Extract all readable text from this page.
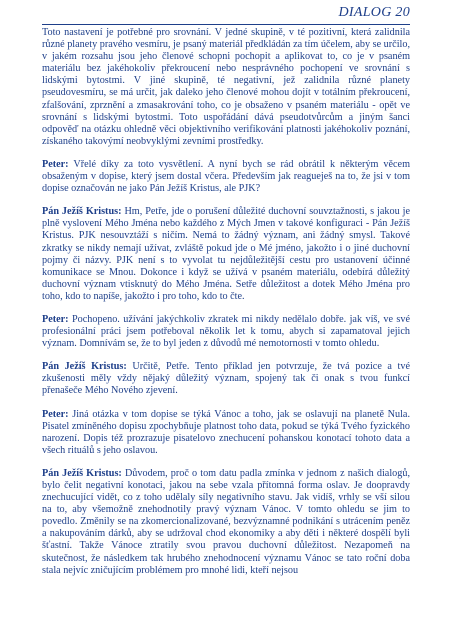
DIALOG 20

Toto nastavení je potřebné pro srovnání. V jedné skupině, v té pozitivní, která zalidnila různé planety pravého vesmíru, je psaný materiál předkládán za tím účelem, aby se určilo, v jakém rozsahu jsou jeho členové schopni pochopit a aplikovat to, co je v psaném materiálu bez jakéhokoliv překroucení nebo nesprávného pochopení ve srovnání s lidskými bytostmi. V jiné skupině, té negativní, jež zalidnila různé planety pseudovesmíru, se má určit, jak daleko jeho členové mohou dojít v totálním překroucení, zfalšování, zprznění a zmasakrování toho, co je obsaženo v psaném materiálu - opět ve srovnání s lidskými bytostmi. Toto uspořádání dává pseudotvůrcům a jiným šanci odpověď na otázku ohledně věci objektivního verifikování platnosti jakéhokoliv poznání, získaného takovýmí neobvyklými zevními prostředky.

Peter: Vřelé díky za toto vysvětlení. A nyní bych se rád obrátil k některým věcem obsaženým v dopise, který jsem dostal včera. Především jak reagueješ na to, že jsi v tom dopise označován ne jako Pán Ježíš Kristus, ale PJK?

Pán Ježíš Kristus: Hm, Petře, jde o porušení důležité duchovní souvztažnosti, s jakou je plně vyslovení Mého Jména nebo každého z Mých Jmen v takové konfiguraci - Pán Ježíš Kristus. PJK nesouvztáží s ničím. Nemá to žádný význam, ani žádný smysl. Takové zkratky se nikdy nemají užívat, zvláště pokud jde o Mé jméno, jakožto i o jiné duchovní pojmy či názvy. PJK není s to vyvolat tu nejdůležitější cestu pro ustanovení účinné komunikace se Mnou. Dokonce i když se užívá v psaném materiálu, odebírá důležitý duchovní význam vtisknutý do Mého Jména. Setře důležitost a dotek Mého Jména pro toho, kdo to napíše, jakožto i pro toho, kdo to čte.

Peter: Pochopeno. užívání jakýchkoliv zkratek mi nikdy nedělalo dobře. jak víš, ve své profesionální práci jsem potřeboval několik let k tomu, abych si zapamatoval jejich význam. Domnívám se, že to byl jeden z důvodů mé nemotornosti v tomto ohledu.

Pán Ježíš Kristus: Určitě, Petře. Tento příklad jen potvrzuje, že tvá pozice a tvé zkušenosti měly vždy nějaký důležitý význam, spojený tak či onak s tvou funkcí přenašeče Mého Nového zjevení.

Peter: Jiná otázka v tom dopise se týká Vánoc a toho, jak se oslavují na planetě Nula. Pisatel zmíněného dopisu zpochybňuje platnost toho data, pokud se týká Tvého fyzického narození. Dopis též prozrazuje pisatelovo znechucení pohanskou konotací tohoto data a všech rituálů s jeho oslavou.

Pán Ježíš Kristus: Důvodem, proč o tom datu padla zmínka v jednom z našich dialogů, bylo čelit negativní konotaci, jakou na sebe vzala přítomná forma oslav. Je doopravdy znechucující vidět, co z toho udělaly síly negativního stavu. Jak vidíš, vrhly se vší silou na to, aby všemožně znehodnotily pravý význam Vánoc. V tomto ohledu se jim to povedlo. Změnily se na zkomercionalizované, bezvýznamné podnikání s utrácením peněz a nakupováním dárků, aby se udržoval chod ekonomiky a aby děti i některé dospělí byli šťastní. Takže Vánoce ztratily svou pravou duchovní důležitost. Nezapomeň na skutečnost, že následkem tak hrubého znehodnocení významu Vánoc se tato roční doba stala nejvíc zničujícím problémem pro mnohé lidi, kteří nejsou
